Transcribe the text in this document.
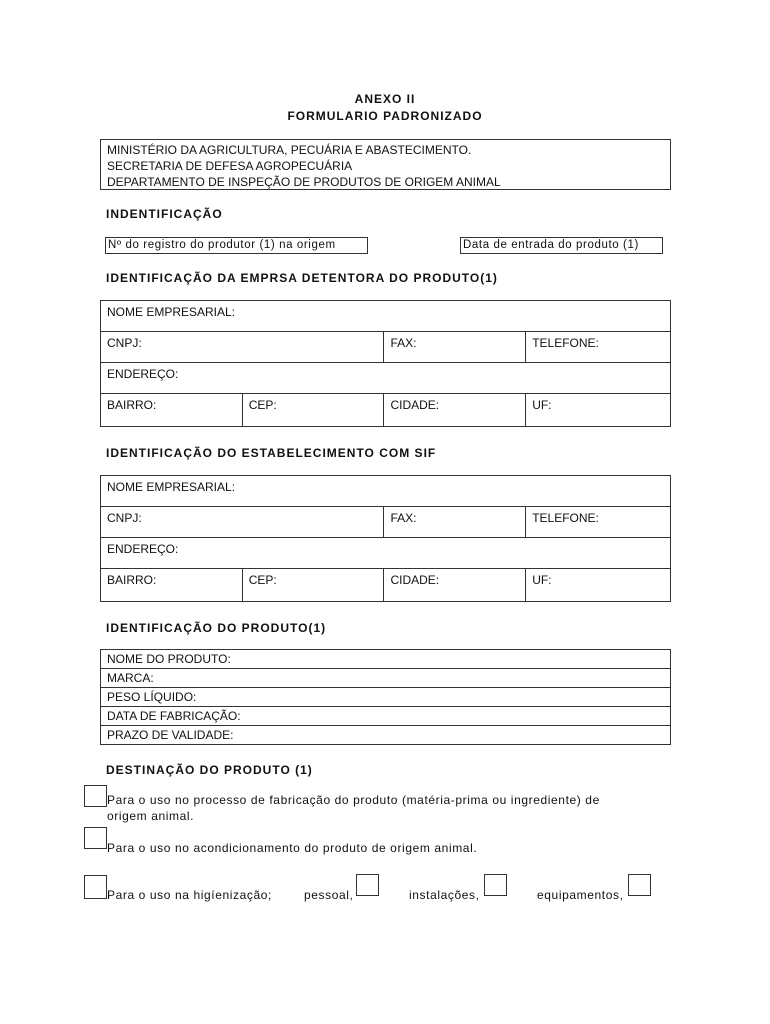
ANEXO II
FORMULARIO PADRONIZADO
MINISTÉRIO DA AGRICULTURA, PECUÁRIA E ABASTECIMENTO.
SECRETARIA DE DEFESA AGROPECUÁRIA
DEPARTAMENTO DE INSPEÇÃO DE PRODUTOS DE ORIGEM ANIMAL
INDENTIFICAÇÃO
Nº do registro do produtor (1) na origem	Data de entrada do produto (1)
IDENTIFICAÇÃO DA EMPRSA DETENTORA DO PRODUTO(1)
NOME EMPRESARIAL:			
CNPJ:		FAX:	TELEFONE:
ENDEREÇO:			
BAIRRO:	CEP:	CIDADE:	UF:
IDENTIFICAÇÃO DO ESTABELECIMENTO COM SIF
NOME EMPRESARIAL:			
CNPJ:		FAX:	TELEFONE:
ENDEREÇO:			
BAIRRO:	CEP:	CIDADE:	UF:
IDENTIFICAÇÃO DO PRODUTO(1)
NOME DO PRODUTO:
MARCA:
PESO LÍQUIDO:
DATA DE FABRICAÇÃO:
PRAZO DE VALIDADE:
DESTINAÇÃO DO PRODUTO (1)
Para o uso no processo de fabricação do produto (matéria-prima ou ingrediente) de
origem animal.
Para o uso no acondicionamento do produto de origem animal.
Para o uso na higíenização;	pessoal,	instalações,	equipamentos,
